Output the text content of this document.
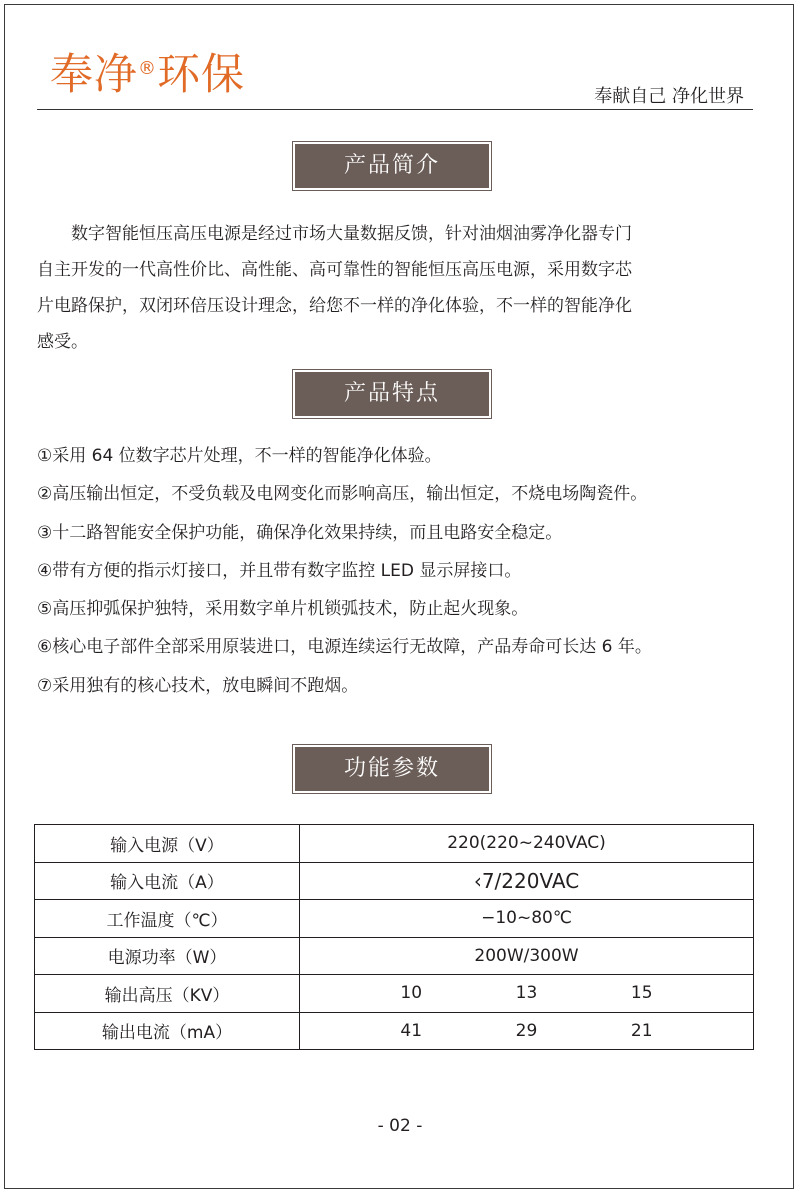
奉净®环保	奉献自己 净化世界
产品简介

数字智能恒压高压电源是经过市场大量数据反馈，针对油烟油雾净化器专门
自主开发的一代高性价比、高性能、高可靠性的智能恒压高压电源，采用数字芯
片电路保护，双闭环倍压设计理念，给您不一样的净化体验，不一样的智能净化
感受。

产品特点
①采用 64 位数字芯片处理，不一样的智能净化体验。
②高压输出恒定，不受负载及电网变化而影响高压，输出恒定，不烧电场陶瓷件。
③十二路智能安全保护功能，确保净化效果持续，而且电路安全稳定。
④带有方便的指示灯接口，并且带有数字监控 LED 显示屏接口。
⑤高压抑弧保护独特，采用数字单片机锁弧技术，防止起火现象。
⑥核心电子部件全部采用原装进口，电源连续运行无故障，产品寿命可长达 6 年。
⑦采用独有的核心技术，放电瞬间不跑烟。
功能参数
输入电源（V）	220(220~240VAC)
输入电流（A）	‹7/220VAC
工作温度（℃）	−10~80℃
电源功率（W）	200W/300W
输出高压（KV）	10    13    15
输出电流（mA）	41    29    21
- 02 -
